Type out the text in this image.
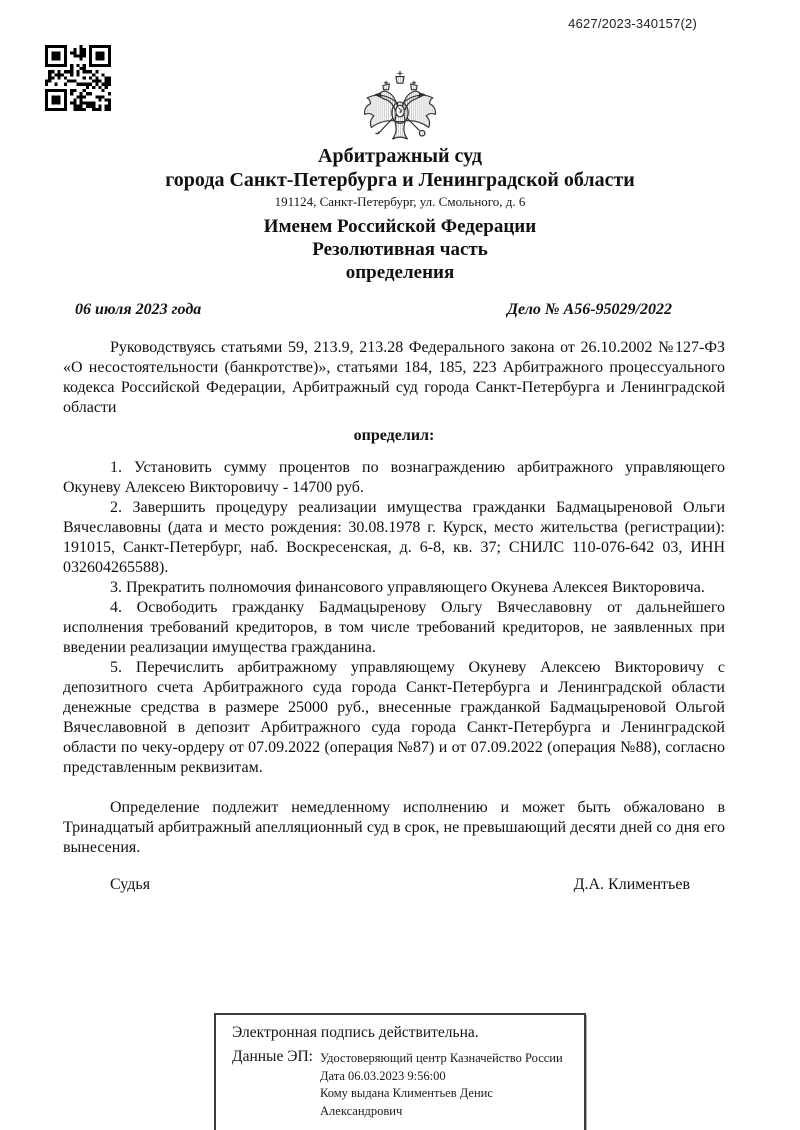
4627/2023-340157(2)
Арбитражный суд
города Санкт-Петербурга и Ленинградской области
191124, Санкт-Петербург, ул. Смольного, д. 6
Именем Российской Федерации
Резолютивная часть
определения
06 июля 2023 года	Дело № А56-95029/2022

Руководствуясь статьями 59, 213.9, 213.28 Федерального закона от 26.10.2002 №127-ФЗ «О несостоятельности (банкротстве)», статьями 184, 185, 223 Арбитражного процессуального кодекса Российской Федерации, Арбитражный суд города Санкт-Петербурга и Ленинградской области

определил:

1. Установить сумму процентов по вознаграждению арбитражного управляющего Окуневу Алексею Викторовичу - 14700 руб.

2. Завершить процедуру реализации имущества гражданки Бадмацыреновой Ольги Вячеславовны (дата и место рождения: 30.08.1978 г. Курск, место жительства (регистрации): 191015, Санкт-Петербург, наб. Воскресенская, д. 6-8, кв. 37; СНИЛС 110-076-642 03, ИНН 032604265588).

3. Прекратить полномочия финансового управляющего Окунева Алексея Викторовича.

4. Освободить гражданку Бадмацыренову Ольгу Вячеславовну от дальнейшего исполнения требований кредиторов, в том числе требований кредиторов, не заявленных при введении реализации имущества гражданина.

5. Перечислить арбитражному управляющему Окуневу Алексею Викторовичу с депозитного счета Арбитражного суда города Санкт-Петербурга и Ленинградской области денежные средства в размере 25000 руб., внесенные гражданкой Бадмацыреновой Ольгой Вячеславовной в депозит Арбитражного суда города Санкт-Петербурга и Ленинградской области по чеку-ордеру от 07.09.2022 (операция №87) и от 07.09.2022 (операция №88), согласно представленным реквизитам.

Определение подлежит немедленному исполнению и может быть обжаловано в Тринадцатый арбитражный апелляционный суд в срок, не превышающий десяти дней со дня его вынесения.

Судья	Д.А. Климентьев
Электронная подпись действительна.
Данные ЭП: Удостоверяющий центр Казначейство России
Дата 06.03.2023 9:56:00
Кому выдана Климентьев Денис Александрович
